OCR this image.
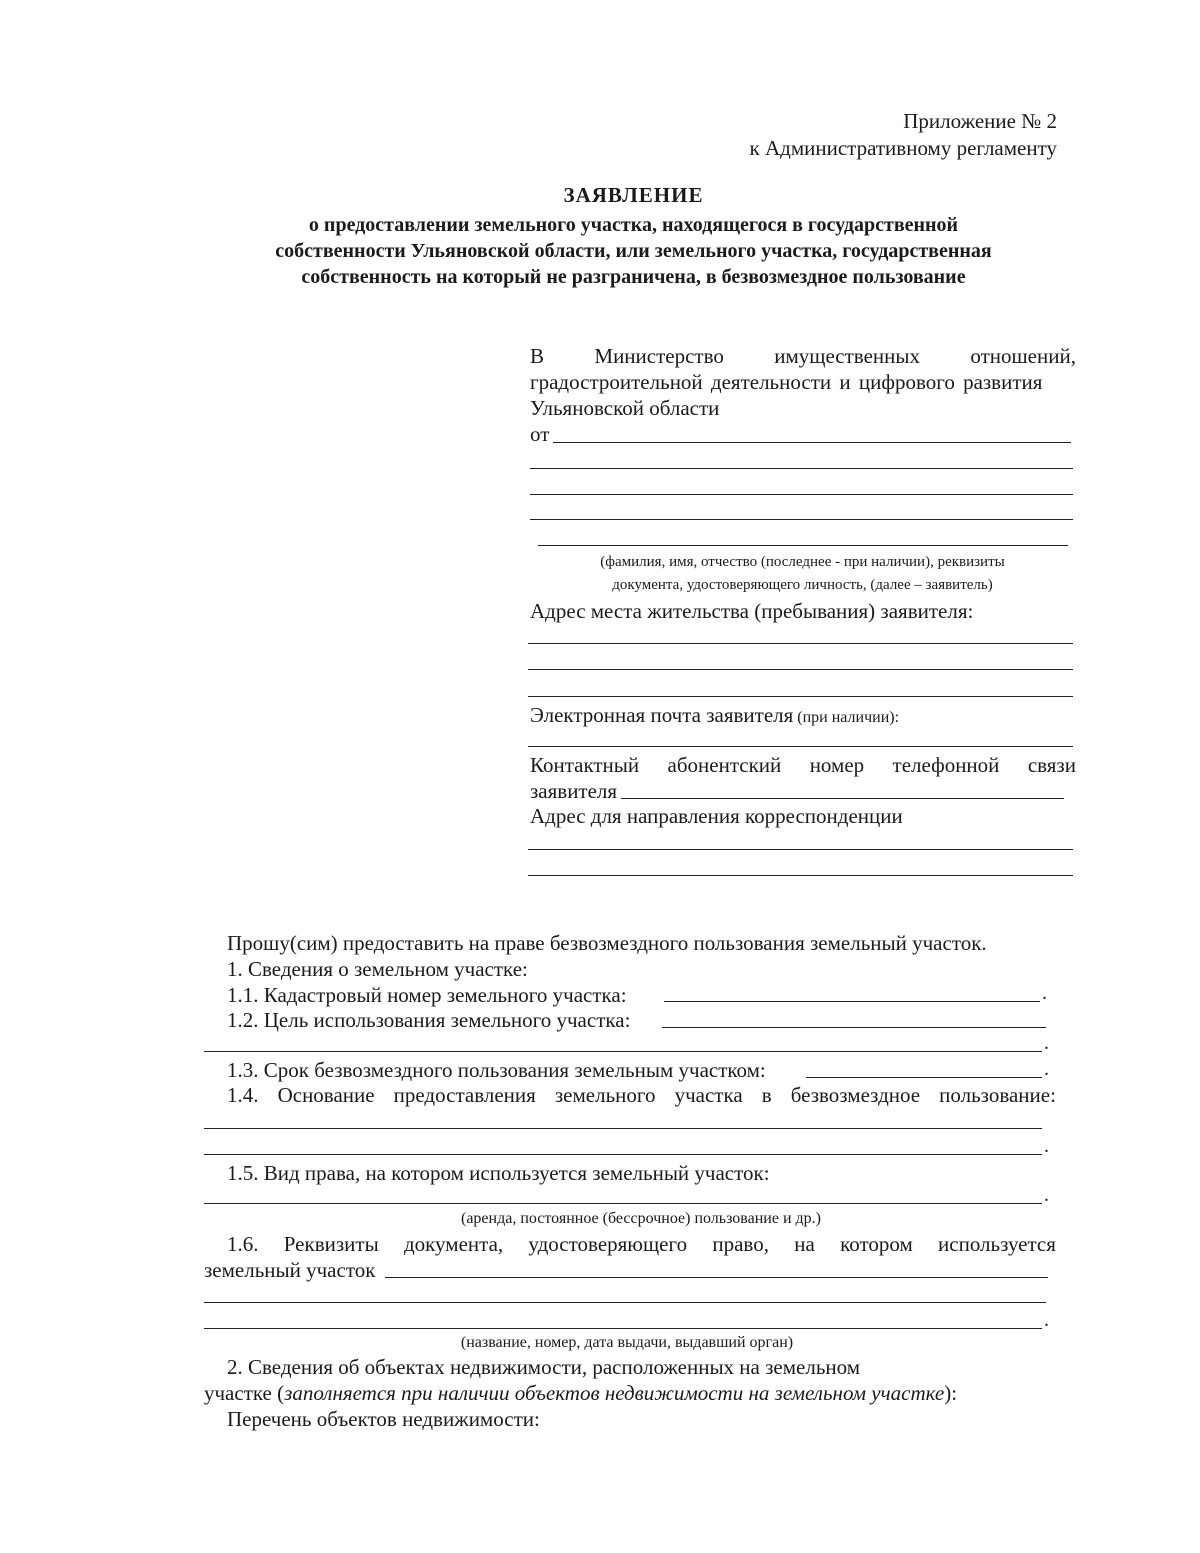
Приложение № 2
к Административному регламенту
ЗАЯВЛЕНИЕ
о предоставлении земельного участка, находящегося в государственной
собственности Ульяновской области, или земельного участка, государственная
собственность на который не разграничена, в безвозмездное пользование
В Министерство имущественных отношений,
градостроительной деятельности и цифрового развития
Ульяновской области
от
(фамилия, имя, отчество (последнее - при наличии), реквизиты
документа, удостоверяющего личность, (далее – заявитель)
Адрес места жительства (пребывания) заявителя:
Электронная почта заявителя (при наличии):
Контактный абонентский номер телефонной связи
заявителя
Адрес для направления корреспонденции
Прошу(сим) предоставить на праве безвозмездного пользования земельный участок.
1. Сведения о земельном участке:
1.1. Кадастровый номер земельного участка:	.
1.2. Цель использования земельного участка:
.
1.3. Срок безвозмездного пользования земельным участком:	.
1.4. Основание предоставления земельного участка в безвозмездное пользование:
.
1.5. Вид права, на котором используется земельный участок:
.
(аренда, постоянное (бессрочное) пользование и др.)
1.6. Реквизиты документа, удостоверяющего право, на котором используется
земельный участок
.
(название, номер, дата выдачи, выдавший орган)
2. Сведения об объектах недвижимости, расположенных на земельном
участке (заполняется при наличии объектов недвижимости на земельном участке):
Перечень объектов недвижимости:
